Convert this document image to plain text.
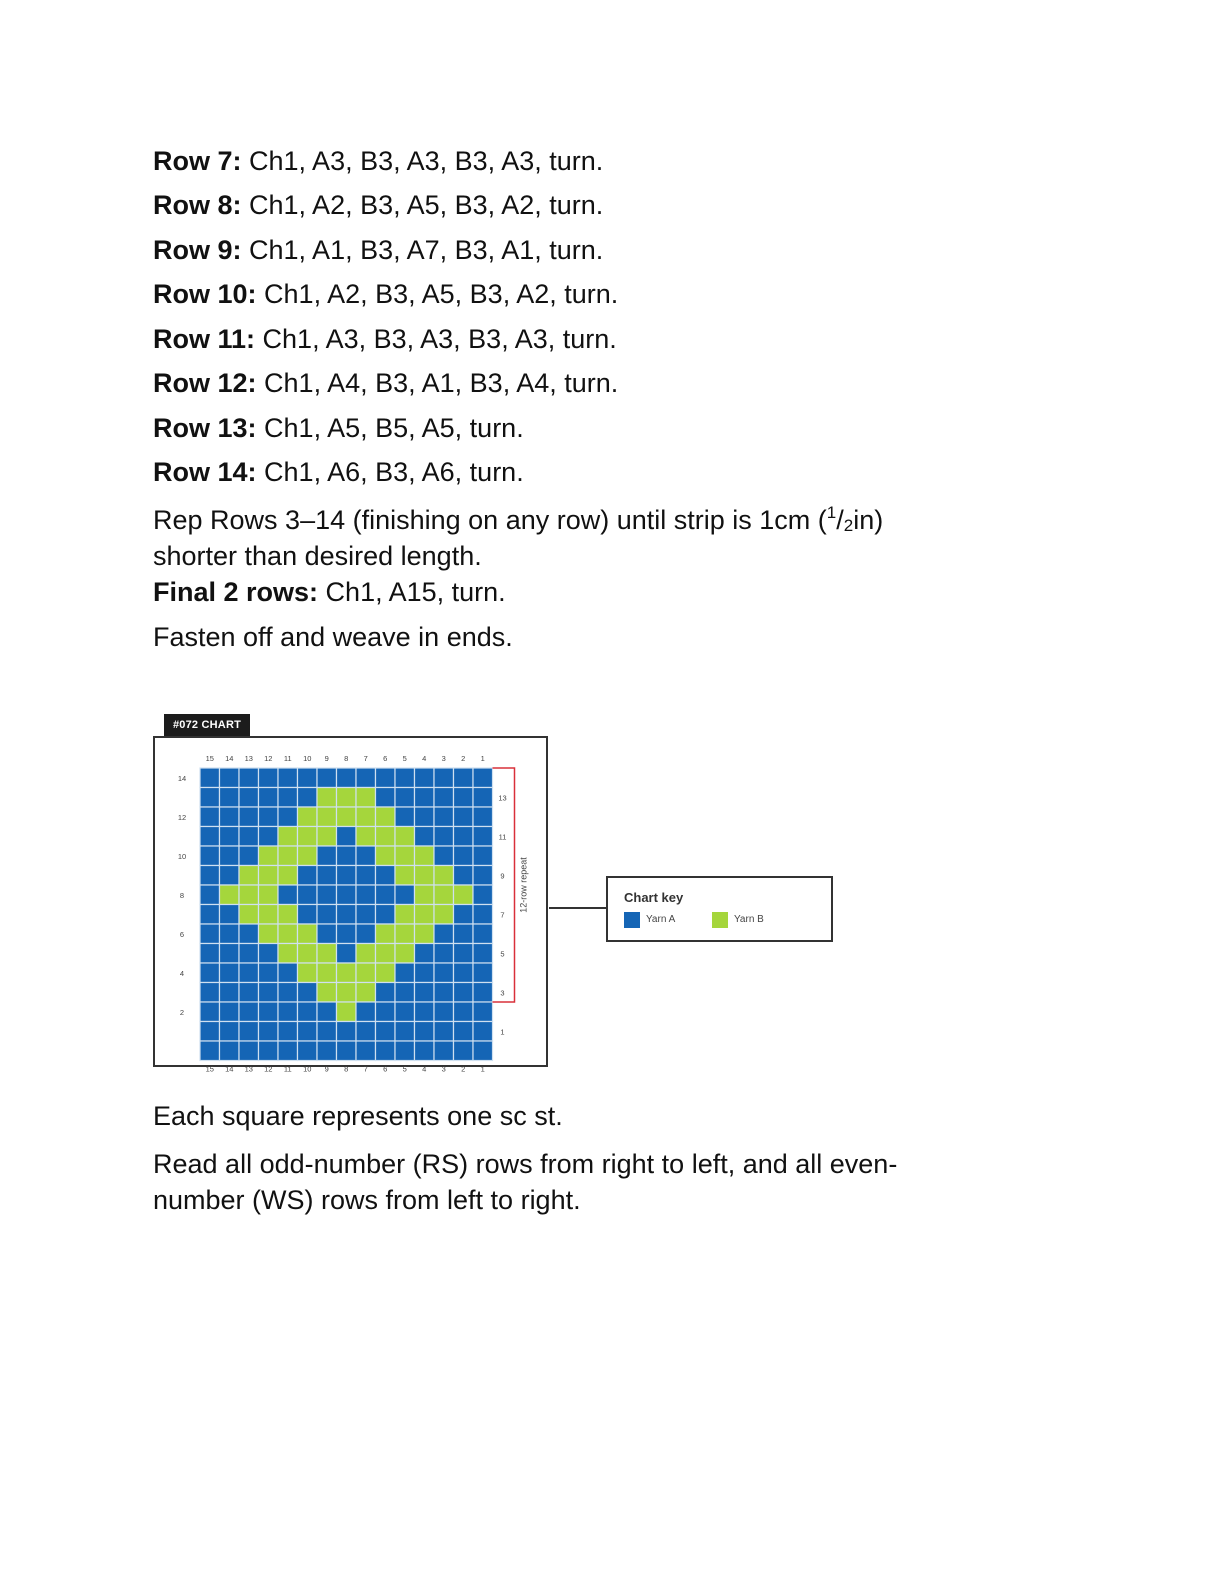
Row 7: Ch1, A3, B3, A3, B3, A3, turn.
Row 8: Ch1, A2, B3, A5, B3, A2, turn.
Row 9: Ch1, A1, B3, A7, B3, A1, turn.
Row 10: Ch1, A2, B3, A5, B3, A2, turn.
Row 11: Ch1, A3, B3, A3, B3, A3, turn.
Row 12: Ch1, A4, B3, A1, B3, A4, turn.
Row 13: Ch1, A5, B5, A5, turn.
Row 14: Ch1, A6, B3, A6, turn.
Rep Rows 3–14 (finishing on any row) until strip is 1cm $(^1/_2in)$
shorter than desired length.
Final 2 rows: Ch1, A15, turn.
Fasten off and weave in ends.
#072 CHART
15
15
14
14
13
13
12
12
11
11
10
10
9
9
8
8
7
7
6
6
5
5
4
4
3
3
2
2
1
1
14
12
10
8
6
4
2
13
11
9
7
5
3
1
12-row repeat	Chart key
Yarn A	Yarn B
Each square represents one sc st.
Read all odd-number (RS) rows from right to left, and all even-
number (WS) rows from left to right.
